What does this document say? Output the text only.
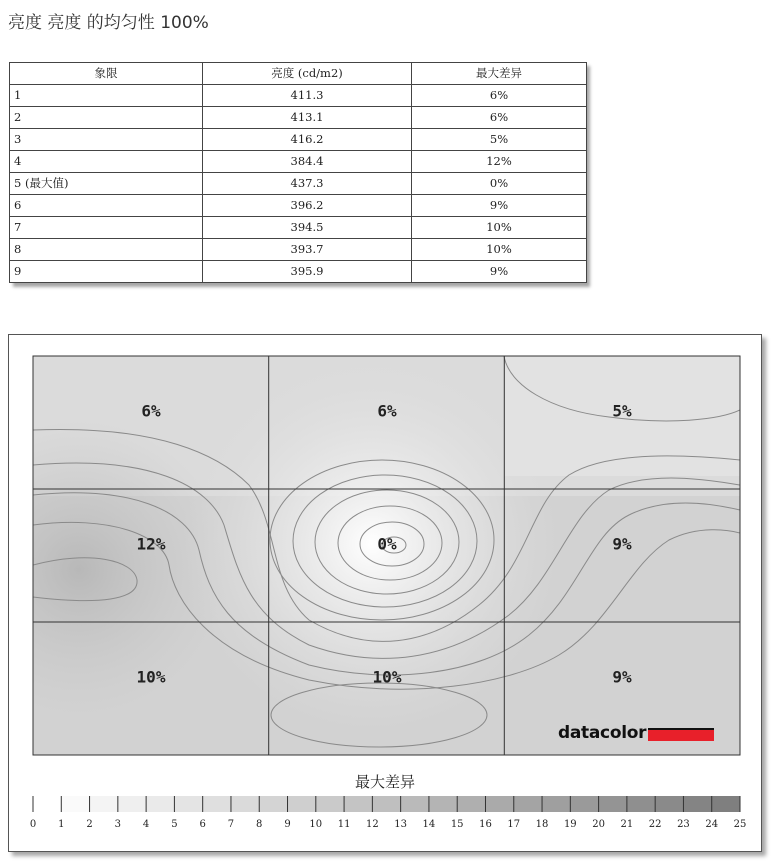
亮度 亮度 的均匀性 100%
象限	亮度 (cd/m2)	最大差异
1	411.3	6%
2	413.1	6%
3	416.2	5%
4	384.4	12%
5 (最大值)	437.3	0%
6	396.2	9%
7	394.5	10%
8	393.7	10%
9	395.9	9%
6%	6%	5%
12%	0%	9%
10%	10%	9%
datacolor
最大差异
0 1 2 3 4 5 6 7 8 9 10 11 12 13 14 15 16 17 18 19 20 21 22 23 24 25
